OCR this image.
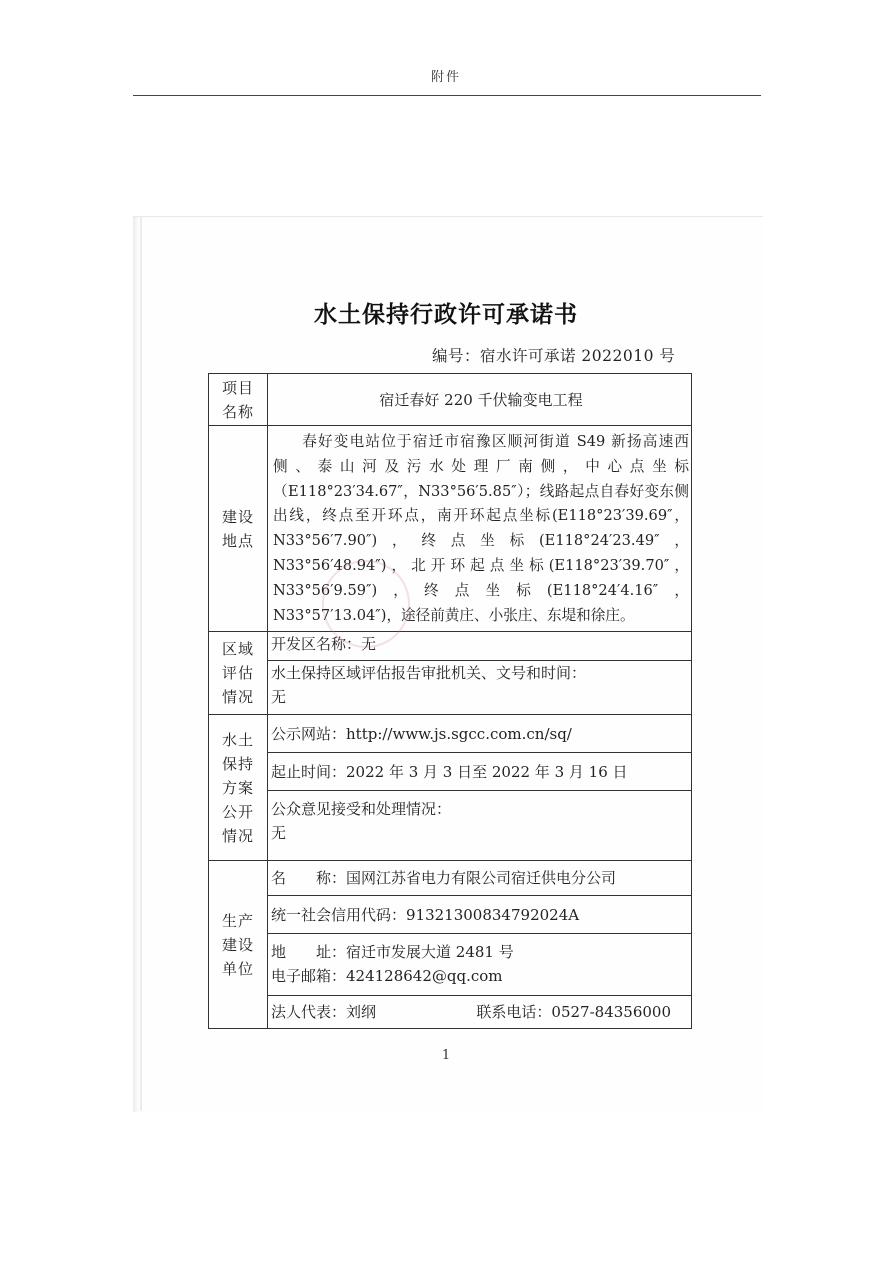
附件
水土保持行政许可承诺书
编号：宿水许可承诺 2022010 号
项目
名称	宿迁春好 220 千伏输变电工程
建设
地点	春好变电站位于宿迁市宿豫区顺河街道 S49 新扬高速西侧、泰山河及污水处理厂南侧，中心点坐标（E118°23′34.67″，N33°56′5.85″）；线路起点自春好变东侧出线，终点至开环点，南开环起点坐标(E118°23′39.69″，N33°56′7.90″)，终点坐标(E118°24′23.49″，N33°56′48.94″)，北开环起点坐标(E118°23′39.70″，N33°56′9.59″)，终点坐标(E118°24′4.16″，N33°57′13.04″)，途径前黄庄、小张庄、东堤和徐庄。

区域
评估
情况	开发区名称：无

	水土保持区域评估报告审批机关、文号和时间：
无

水土
保持
方案
公开
情况	公示网站：http://www.js.sgcc.com.cn/sq/
	起止时间：2022 年 3 月 3 日至 2022 年 3 月 16 日

	公众意见接受和处理情况：
无

生产
建设
单位	名　　称：国网江苏省电力有限公司宿迁供电分公司
	统一社会信用代码：91321300834792024A

	地　　址：宿迁市发展大道 2481 号
电子邮箱：424128642@qq.com

	法人代表：刘纲 联系电话：0527-84356000
1
